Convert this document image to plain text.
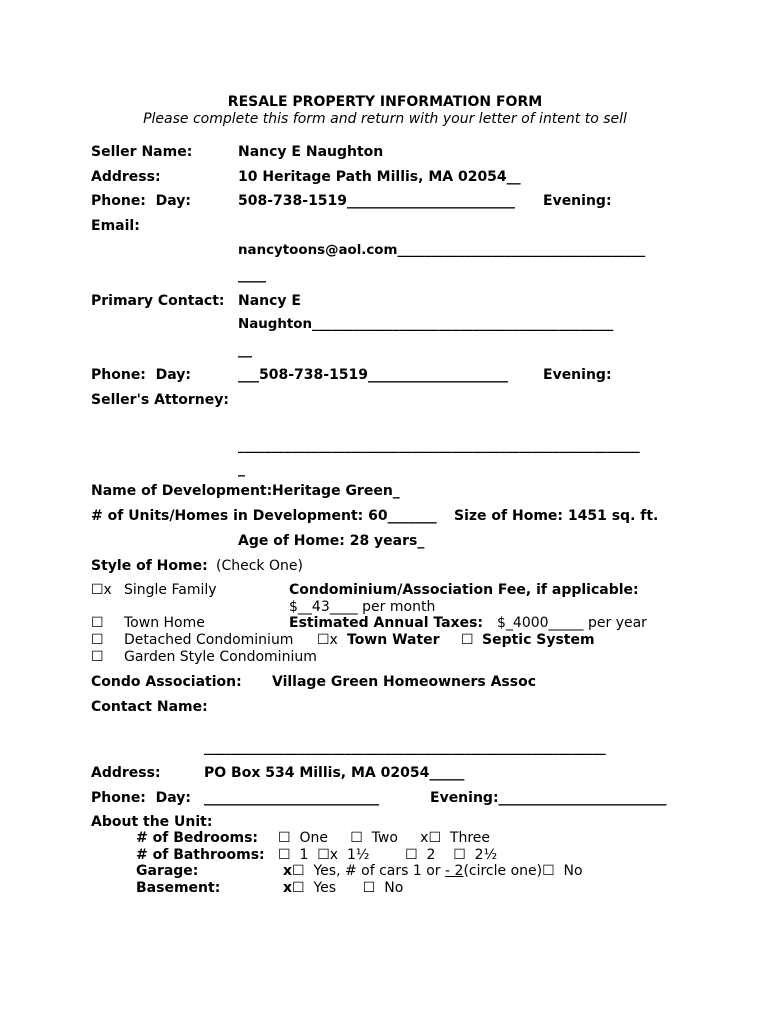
RESALE PROPERTY INFORMATION FORM
Please complete this form and return with your letter of intent to sell
Seller Name:	Nancy E Naughton
Address:	10 Heritage Path Millis, MA 02054__
Phone:  Day:	508-738-1519________________________ Evening:
Email:
nancytoons@aol.com_____________________________________
____
Primary Contact: Nancy E
Naughton_____________________________________________
__
Phone:  Day:	___508-738-1519____________________ Evening:
Seller's Attorney:
____________________________________________________________
_
Name of Development: Heritage Green_
# of Units/Homes in Development: 60_______ Size of Home: 1451 sq. ft.
Age of Home: 28 years_
Style of Home: (Check One)
☐x Single Family
☐ Town Home
☐ Detached Condominium
☐ Garden Style Condominium
Condominium/Association Fee, if applicable:
$__43____ per month
Estimated Annual Taxes: $_4000_____ per year
☐x Town Water ☐ Septic System
Condo Association: Village Green Homeowners Assoc
Contact Name:
____________________________________________________________
Address:	PO Box 534 Millis, MA 02054_____
Phone:  Day: _________________________	Evening:________________________
About the Unit:
# of Bedrooms: ☐  One     ☐  Two     x☐  Three
# of Bathrooms: ☐  1  ☐x  1½        ☐  2    ☐  2½
Garage:	x☐  Yes, # of cars 1 or - 2(circle one)☐  No
Basement:	x☐  Yes      ☐  No
